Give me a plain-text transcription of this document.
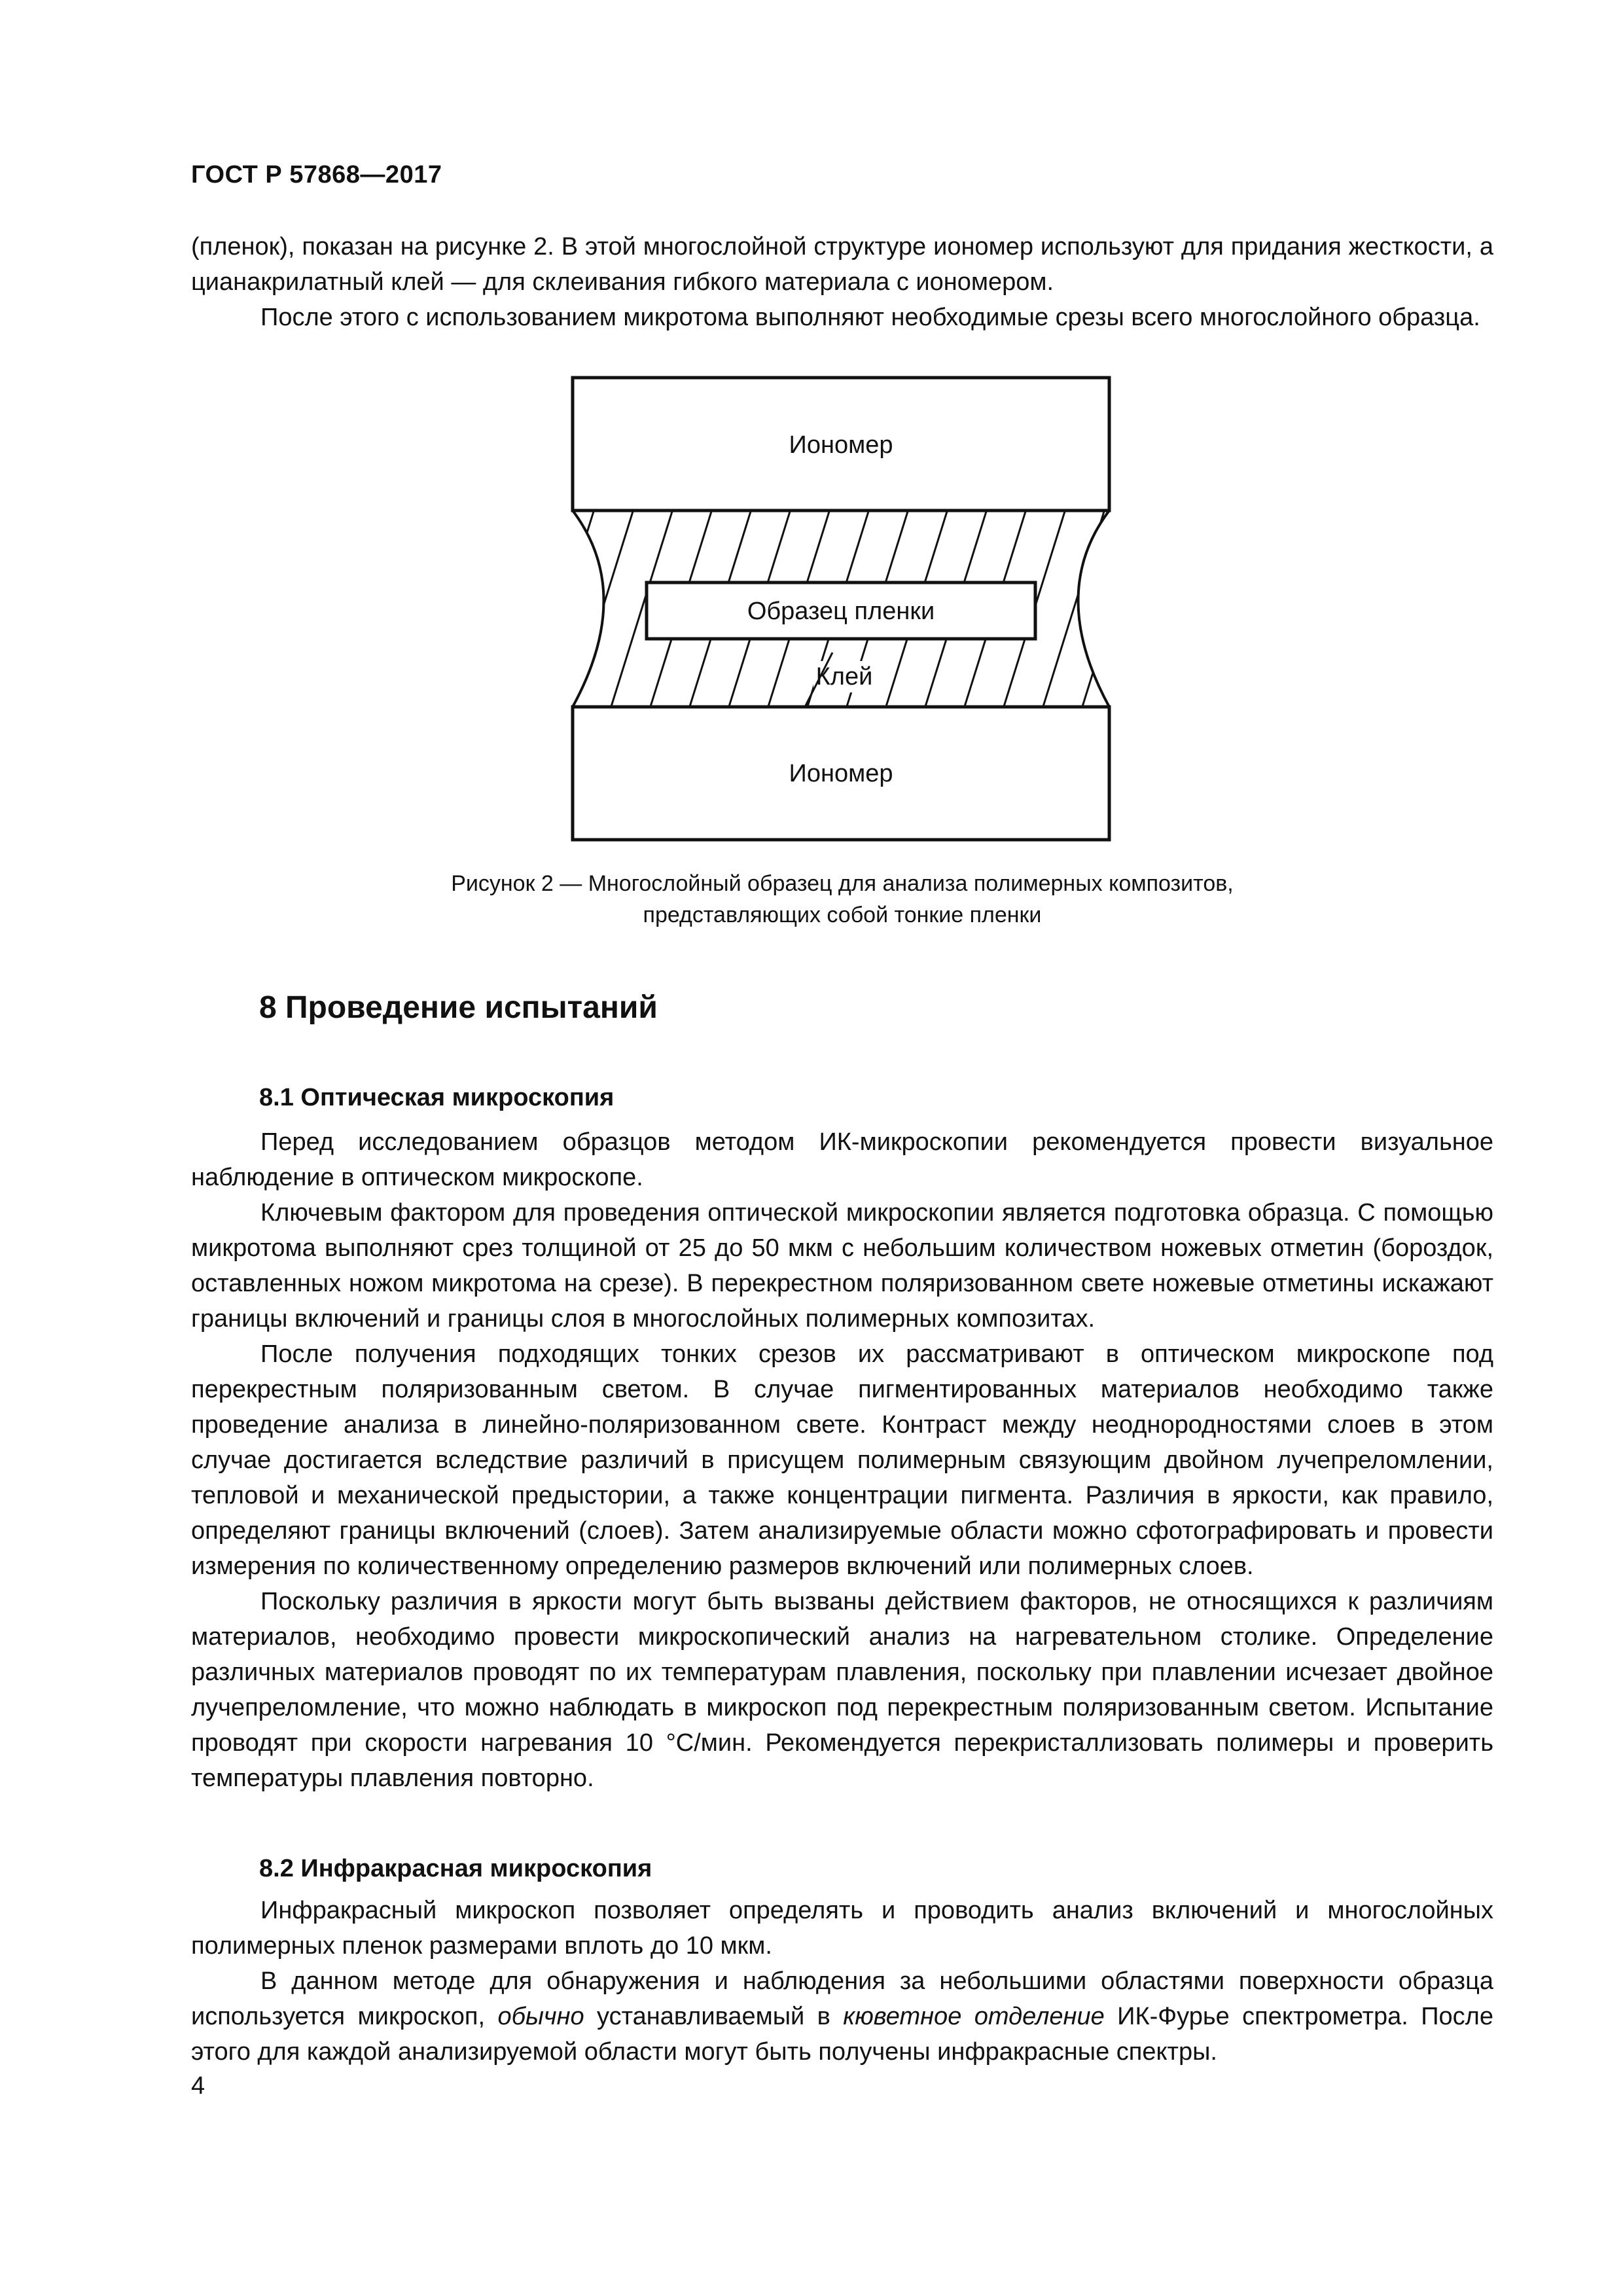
ГОСТ Р 57868—2017

(пленок), показан на рисунке 2. В этой многослойной структуре иономер используют для придания жесткости, а цианакрилатный клей — для склеивания гибкого материала с иономером.

После этого с использованием микротома выполняют необходимые срезы всего многослойного образца.

Иономер
Образец пленки
Клей
Иономер
Рисунок 2 — Многослойный образец для анализа полимерных композитов,
представляющих собой тонкие пленки
8 Проведение испытаний
8.1 Оптическая микроскопия

Перед исследованием образцов методом ИК-микроскопии рекомендуется провести визуальное наблюдение в оптическом микроскопе.

Ключевым фактором для проведения оптической микроскопии является подготовка образца. С помощью микротома выполняют срез толщиной от 25 до 50 мкм с небольшим количеством ножевых отметин (бороздок, оставленных ножом микротома на срезе). В перекрестном поляризованном свете ножевые отметины искажают границы включений и границы слоя в многослойных полимерных композитах.

После получения подходящих тонких срезов их рассматривают в оптическом микроскопе под перекрестным поляризованным светом. В случае пигментированных материалов необходимо также проведение анализа в линейно-поляризованном свете. Контраст между неоднородностями слоев в этом случае достигается вследствие различий в присущем полимерным связующим двойном лучепреломлении, тепловой и механической предыстории, а также концентрации пигмента. Различия в яркости, как правило, определяют границы включений (слоев). Затем анализируемые области можно сфотографировать и провести измерения по количественному определению размеров включений или полимерных слоев.

Поскольку различия в яркости могут быть вызваны действием факторов, не относящихся к различиям материалов, необходимо провести микроскопический анализ на нагревательном столике. Определение различных материалов проводят по их температурам плавления, поскольку при плавлении исчезает двойное лучепреломление, что можно наблюдать в микроскоп под перекрестным поляризованным светом. Испытание проводят при скорости нагревания 10 °С/мин. Рекомендуется перекристаллизовать полимеры и проверить температуры плавления повторно.

8.2 Инфракрасная микроскопия

Инфракрасный микроскоп позволяет определять и проводить анализ включений и многослойных полимерных пленок размерами вплоть до 10 мкм.

В данном методе для обнаружения и наблюдения за небольшими областями поверхности образца используется микроскоп, обычно устанавливаемый в кюветное отделение ИК-Фурье спектрометра. После этого для каждой анализируемой области могут быть получены инфракрасные спектры.

4
